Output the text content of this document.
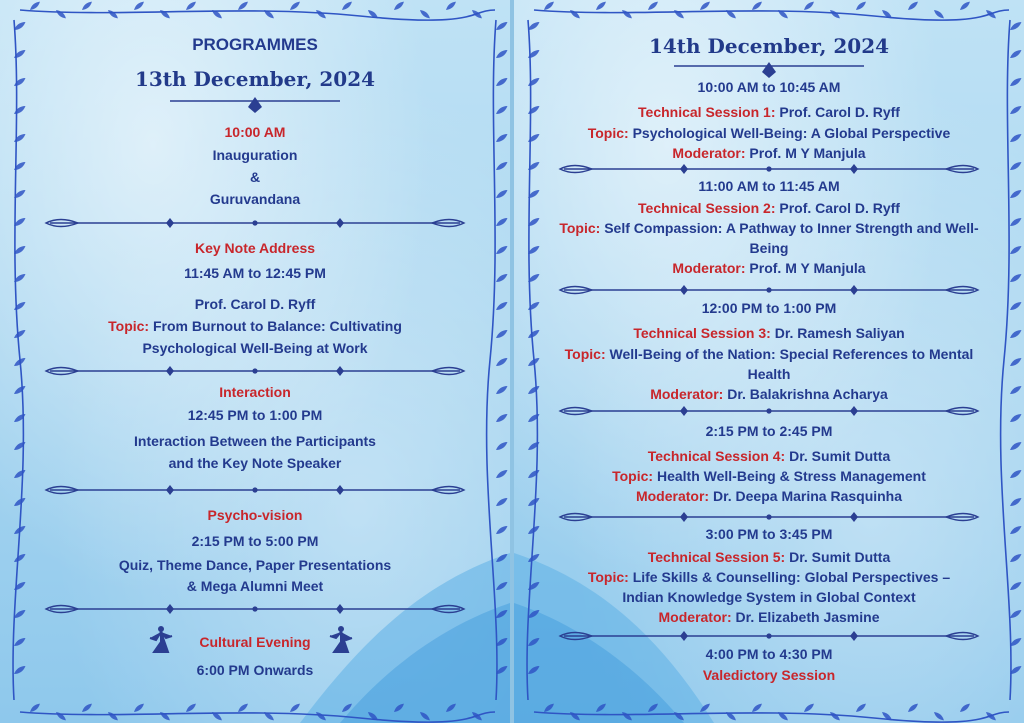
PROGRAMMES
13th December, 2024
10:00 AM
Inauguration
&
Guruvandana
Key Note Address
11:45 AM to 12:45 PM
Prof. Carol D. Ryff
Topic: From Burnout to Balance: Cultivating
Psychological Well-Being at Work
Interaction
12:45 PM to 1:00 PM
Interaction Between the Participants
and the Key Note Speaker
Psycho-vision
2:15 PM to 5:00 PM
Quiz, Theme Dance, Paper Presentations
& Mega Alumni Meet
Cultural Evening
6:00 PM Onwards
14th December, 2024
10:00 AM to 10:45 AM
Technical Session 1: Prof. Carol D. Ryff
Topic: Psychological Well-Being: A Global Perspective
Moderator: Prof. M Y Manjula
11:00 AM to 11:45 AM
Technical Session 2: Prof. Carol D. Ryff
Topic: Self Compassion: A Pathway to Inner Strength and Well-
Being
Moderator: Prof. M Y Manjula
12:00 PM to 1:00 PM
Technical Session 3: Dr. Ramesh Saliyan
Topic: Well-Being of the Nation: Special References to Mental
Health
Moderator: Dr. Balakrishna Acharya
2:15 PM to 2:45 PM
Technical Session 4: Dr. Sumit Dutta
Topic: Health Well-Being & Stress Management
Moderator: Dr. Deepa Marina Rasquinha
3:00 PM to 3:45 PM
Technical Session 5: Dr. Sumit Dutta
Topic: Life Skills & Counselling: Global Perspectives –
Indian Knowledge System in Global Context
Moderator: Dr. Elizabeth Jasmine
4:00 PM to 4:30 PM
Valedictory Session
